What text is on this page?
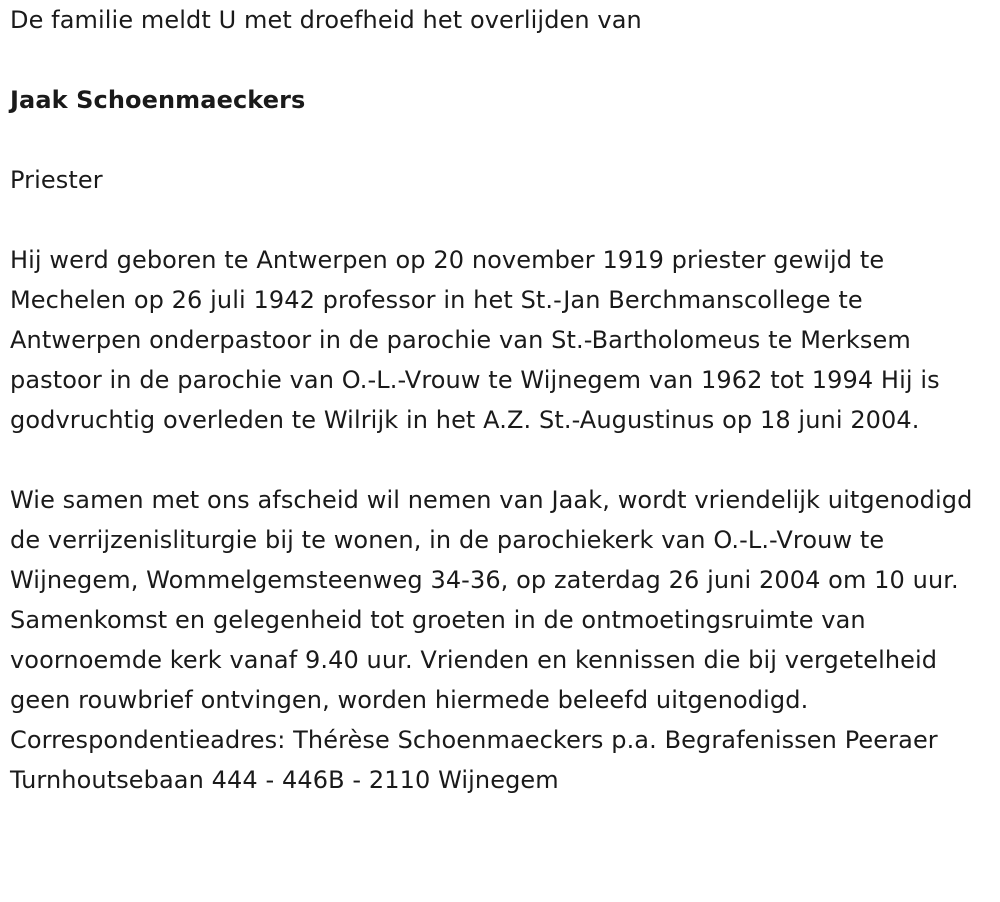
De familie meldt U met droefheid het overlijden van

Jaak Schoenmaeckers

Priester

Hij werd geboren te Antwerpen op 20 november 1919 priester gewijd te Mechelen op 26 juli 1942 professor in het St.-Jan Berchmanscollege te Antwerpen onderpastoor in de parochie van St.-Bartholomeus te Merksem pastoor in de parochie van O.-L.-Vrouw te Wijnegem van 1962 tot 1994 Hij is godvruchtig overleden te Wilrijk in het A.Z. St.-Augustinus op 18 juni 2004.

Wie samen met ons afscheid wil nemen van Jaak, wordt vriendelijk uitgenodigd de verrijzenisliturgie bij te wonen, in de parochiekerk van O.-L.-Vrouw te Wijnegem, Wommelgemsteenweg 34-36, op zaterdag 26 juni 2004 om 10 uur. Samenkomst en gelegenheid tot groeten in de ontmoetingsruimte van voornoemde kerk vanaf 9.40 uur. Vrienden en kennissen die bij vergetelheid geen rouwbrief ontvingen, worden hiermede beleefd uitgenodigd. Correspondentieadres: Thérèse Schoenmaeckers p.a. Begrafenissen Peeraer Turnhoutsebaan 444 - 446B - 2110 Wijnegem
